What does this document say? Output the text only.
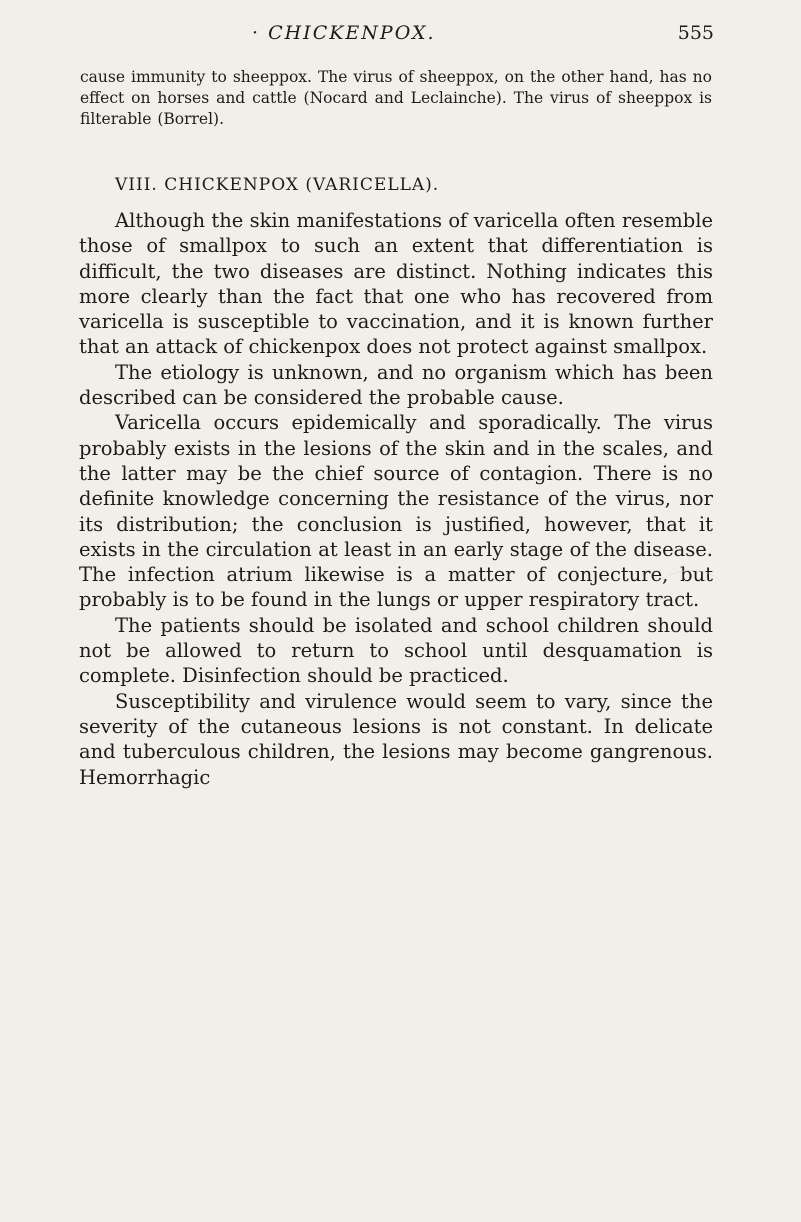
· CHICKENPOX.	555
cause immunity to sheeppox. The virus of sheeppox, on the other hand, has no effect on horses and cattle (Nocard and Leclainche). The virus of sheeppox is filterable (Borrel).
VIII. CHICKENPOX (VARICELLA).

Although the skin manifestations of varicella often resemble those of smallpox to such an extent that differentiation is difficult, the two diseases are distinct. Nothing indicates this more clearly than the fact that one who has recovered from varicella is susceptible to vaccination, and it is known further that an attack of chickenpox does not protect against smallpox.

The etiology is unknown, and no organism which has been described can be considered the probable cause.

Varicella occurs epidemically and sporadically. The virus probably exists in the lesions of the skin and in the scales, and the latter may be the chief source of contagion. There is no definite knowledge concerning the resistance of the virus, nor its distribution; the conclusion is justified, however, that it exists in the circulation at least in an early stage of the disease. The infection atrium likewise is a matter of conjecture, but probably is to be found in the lungs or upper respiratory tract.

The patients should be isolated and school children should not be allowed to return to school until desquamation is complete. Disinfection should be practiced.

Susceptibility and virulence would seem to vary, since the severity of the cutaneous lesions is not constant. In delicate and tuberculous children, the lesions may become gangrenous. Hemorrhagic
